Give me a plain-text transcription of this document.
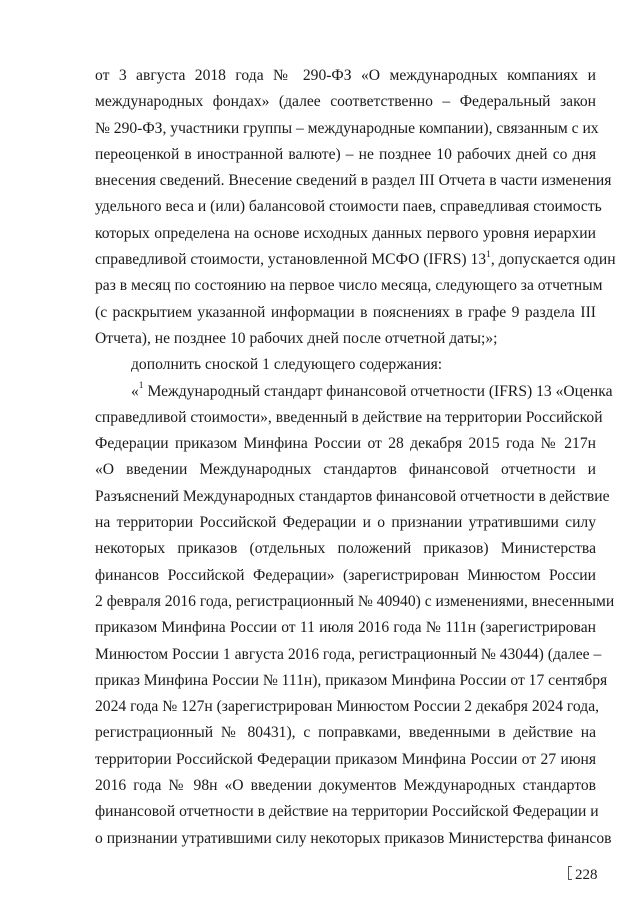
от 3 августа 2018 года № 290-ФЗ «О международных компаниях и
международных фондах» (далее соответственно – Федеральный закон
№ 290-ФЗ, участники группы – международные компании), связанным с их
переоценкой в иностранной валюте) – не позднее 10 рабочих дней со дня
внесения сведений. Внесение сведений в раздел III Отчета в части изменения
удельного веса и (или) балансовой стоимости паев, справедливая стоимость
которых определена на основе исходных данных первого уровня иерархии
справедливой стоимости, установленной МСФО (IFRS) $13^1$, допускается один
раз в месяц по состоянию на первое число месяца, следующего за отчетным
(с раскрытием указанной информации в пояснениях в графе 9 раздела III
Отчета), не позднее 10 рабочих дней после отчетной даты;»;
дополнить сноской 1 следующего содержания:
«$^1$ Международный стандарт финансовой отчетности (IFRS) 13 «Оценка
справедливой стоимости», введенный в действие на территории Российской
Федерации приказом Минфина России от 28 декабря 2015 года № 217н
«О введении Международных стандартов финансовой отчетности и
Разъяснений Международных стандартов финансовой отчетности в действие
на территории Российской Федерации и о признании утратившими силу
некоторых приказов (отдельных положений приказов) Министерства
финансов Российской Федерации» (зарегистрирован Минюстом России
2 февраля 2016 года, регистрационный № 40940) с изменениями, внесенными
приказом Минфина России от 11 июля 2016 года № 111н (зарегистрирован
Минюстом России 1 августа 2016 года, регистрационный № 43044) (далее –
приказ Минфина России № 111н), приказом Минфина России от 17 сентября
2024 года № 127н (зарегистрирован Минюстом России 2 декабря 2024 года,
регистрационный № 80431), с поправками, введенными в действие на
территории Российской Федерации приказом Минфина России от 27 июня
2016 года № 98н «О введении документов Международных стандартов
финансовой отчетности в действие на территории Российской Федерации и
о признании утратившими силу некоторых приказов Министерства финансов
228
